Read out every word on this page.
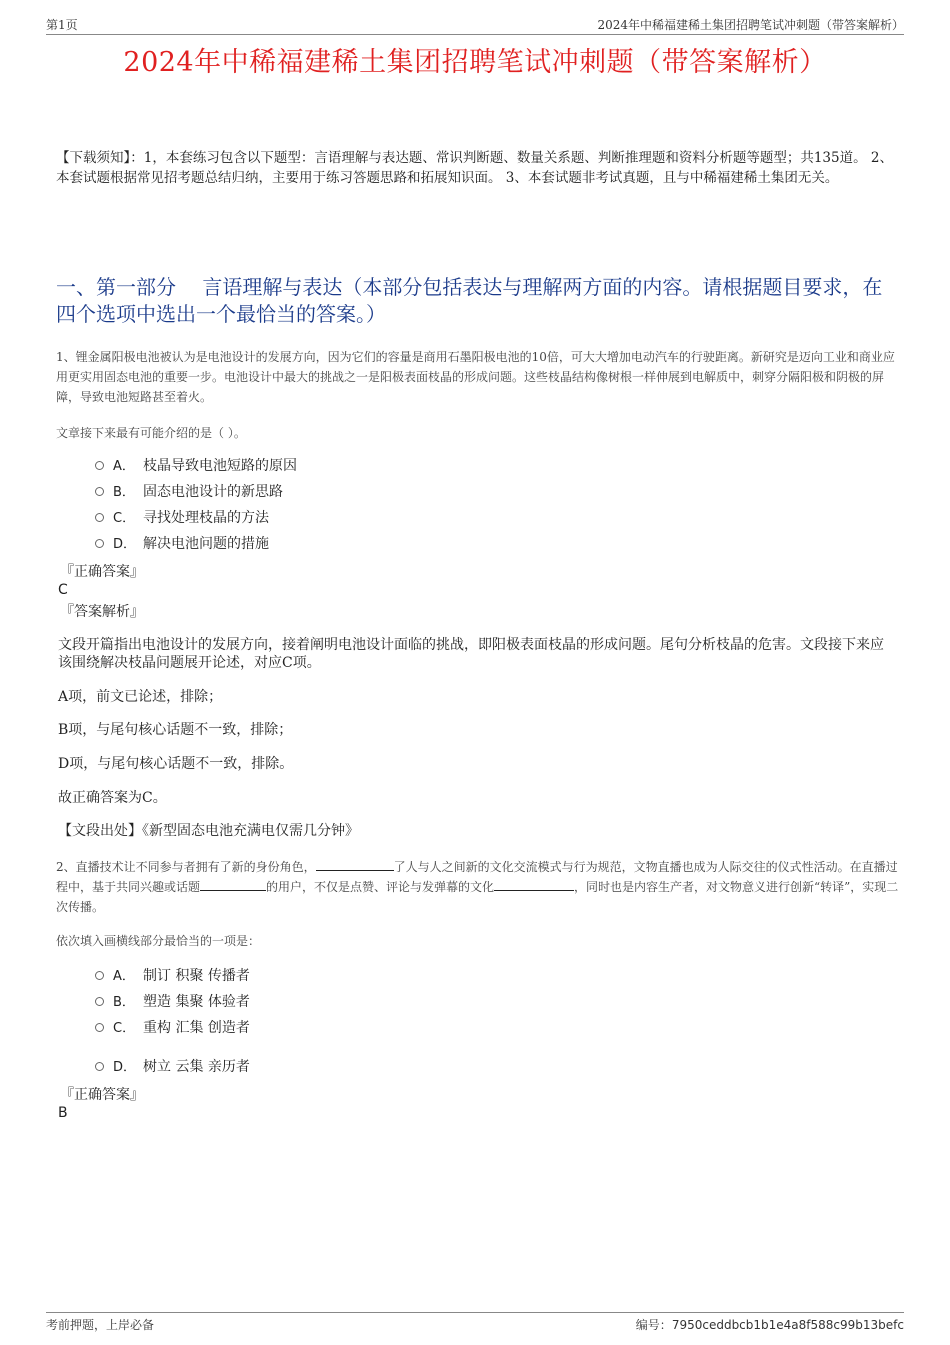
第1页	2024年中稀福建稀土集团招聘笔试冲刺题（带答案解析）
2024年中稀福建稀土集团招聘笔试冲刺题（带答案解析）
【下载须知】：1，本套练习包含以下题型：言语理解与表达题、常识判断题、数量关系题、判断推理题和资料分析题等题型；共135道。 2、本套试题根据常见招考题总结归纳，主要用于练习答题思路和拓展知识面。 3、本套试题非考试真题，且与中稀福建稀土集团无关。
一、第一部分　 言语理解与表达（本部分包括表达与理解两方面的内容。请根据题目要求，在四个选项中选出一个最恰当的答案。）
1、锂金属阳极电池被认为是电池设计的发展方向，因为它们的容量是商用石墨阳极电池的10倍，可大大增加电动汽车的行驶距离。新研究是迈向工业和商业应用更实用固态电池的重要一步。电池设计中最大的挑战之一是阳极表面枝晶的形成问题。这些枝晶结构像树根一样伸展到电解质中，刺穿分隔阳极和阴极的屏障，导致电池短路甚至着火。
文章接下来最有可能介绍的是（ ）。
A． 枝晶导致电池短路的原因
B． 固态电池设计的新思路
C． 寻找处理枝晶的方法
D． 解决电池问题的措施
『正确答案』
C
『答案解析』
文段开篇指出电池设计的发展方向，接着阐明电池设计面临的挑战，即阳极表面枝晶的形成问题。尾句分析枝晶的危害。文段接下来应该围绕解决枝晶问题展开论述，对应C项。
A项，前文已论述，排除；
B项，与尾句核心话题不一致，排除；
D项，与尾句核心话题不一致，排除。
故正确答案为C。
【文段出处】《新型固态电池充满电仅需几分钟》
2、直播技术让不同参与者拥有了新的身份角色，	了人与人之间新的文化交流模式与行为规范，文物直播也成为人际交往的仪式性活动。在直播过程中，基于共同兴趣或话题	的用户，不仅是点赞、评论与发弹幕的文化	，同时也是内容生产者，对文物意义进行创新“转译”，实现二次传播。
依次填入画横线部分最恰当的一项是：
A． 制订 积聚 传播者
B． 塑造 集聚 体验者
C． 重构 汇集 创造者
D． 树立 云集 亲历者
『正确答案』
B
考前押题，上岸必备	编号：7950ceddbcb1b1e4a8f588c99b13befc
